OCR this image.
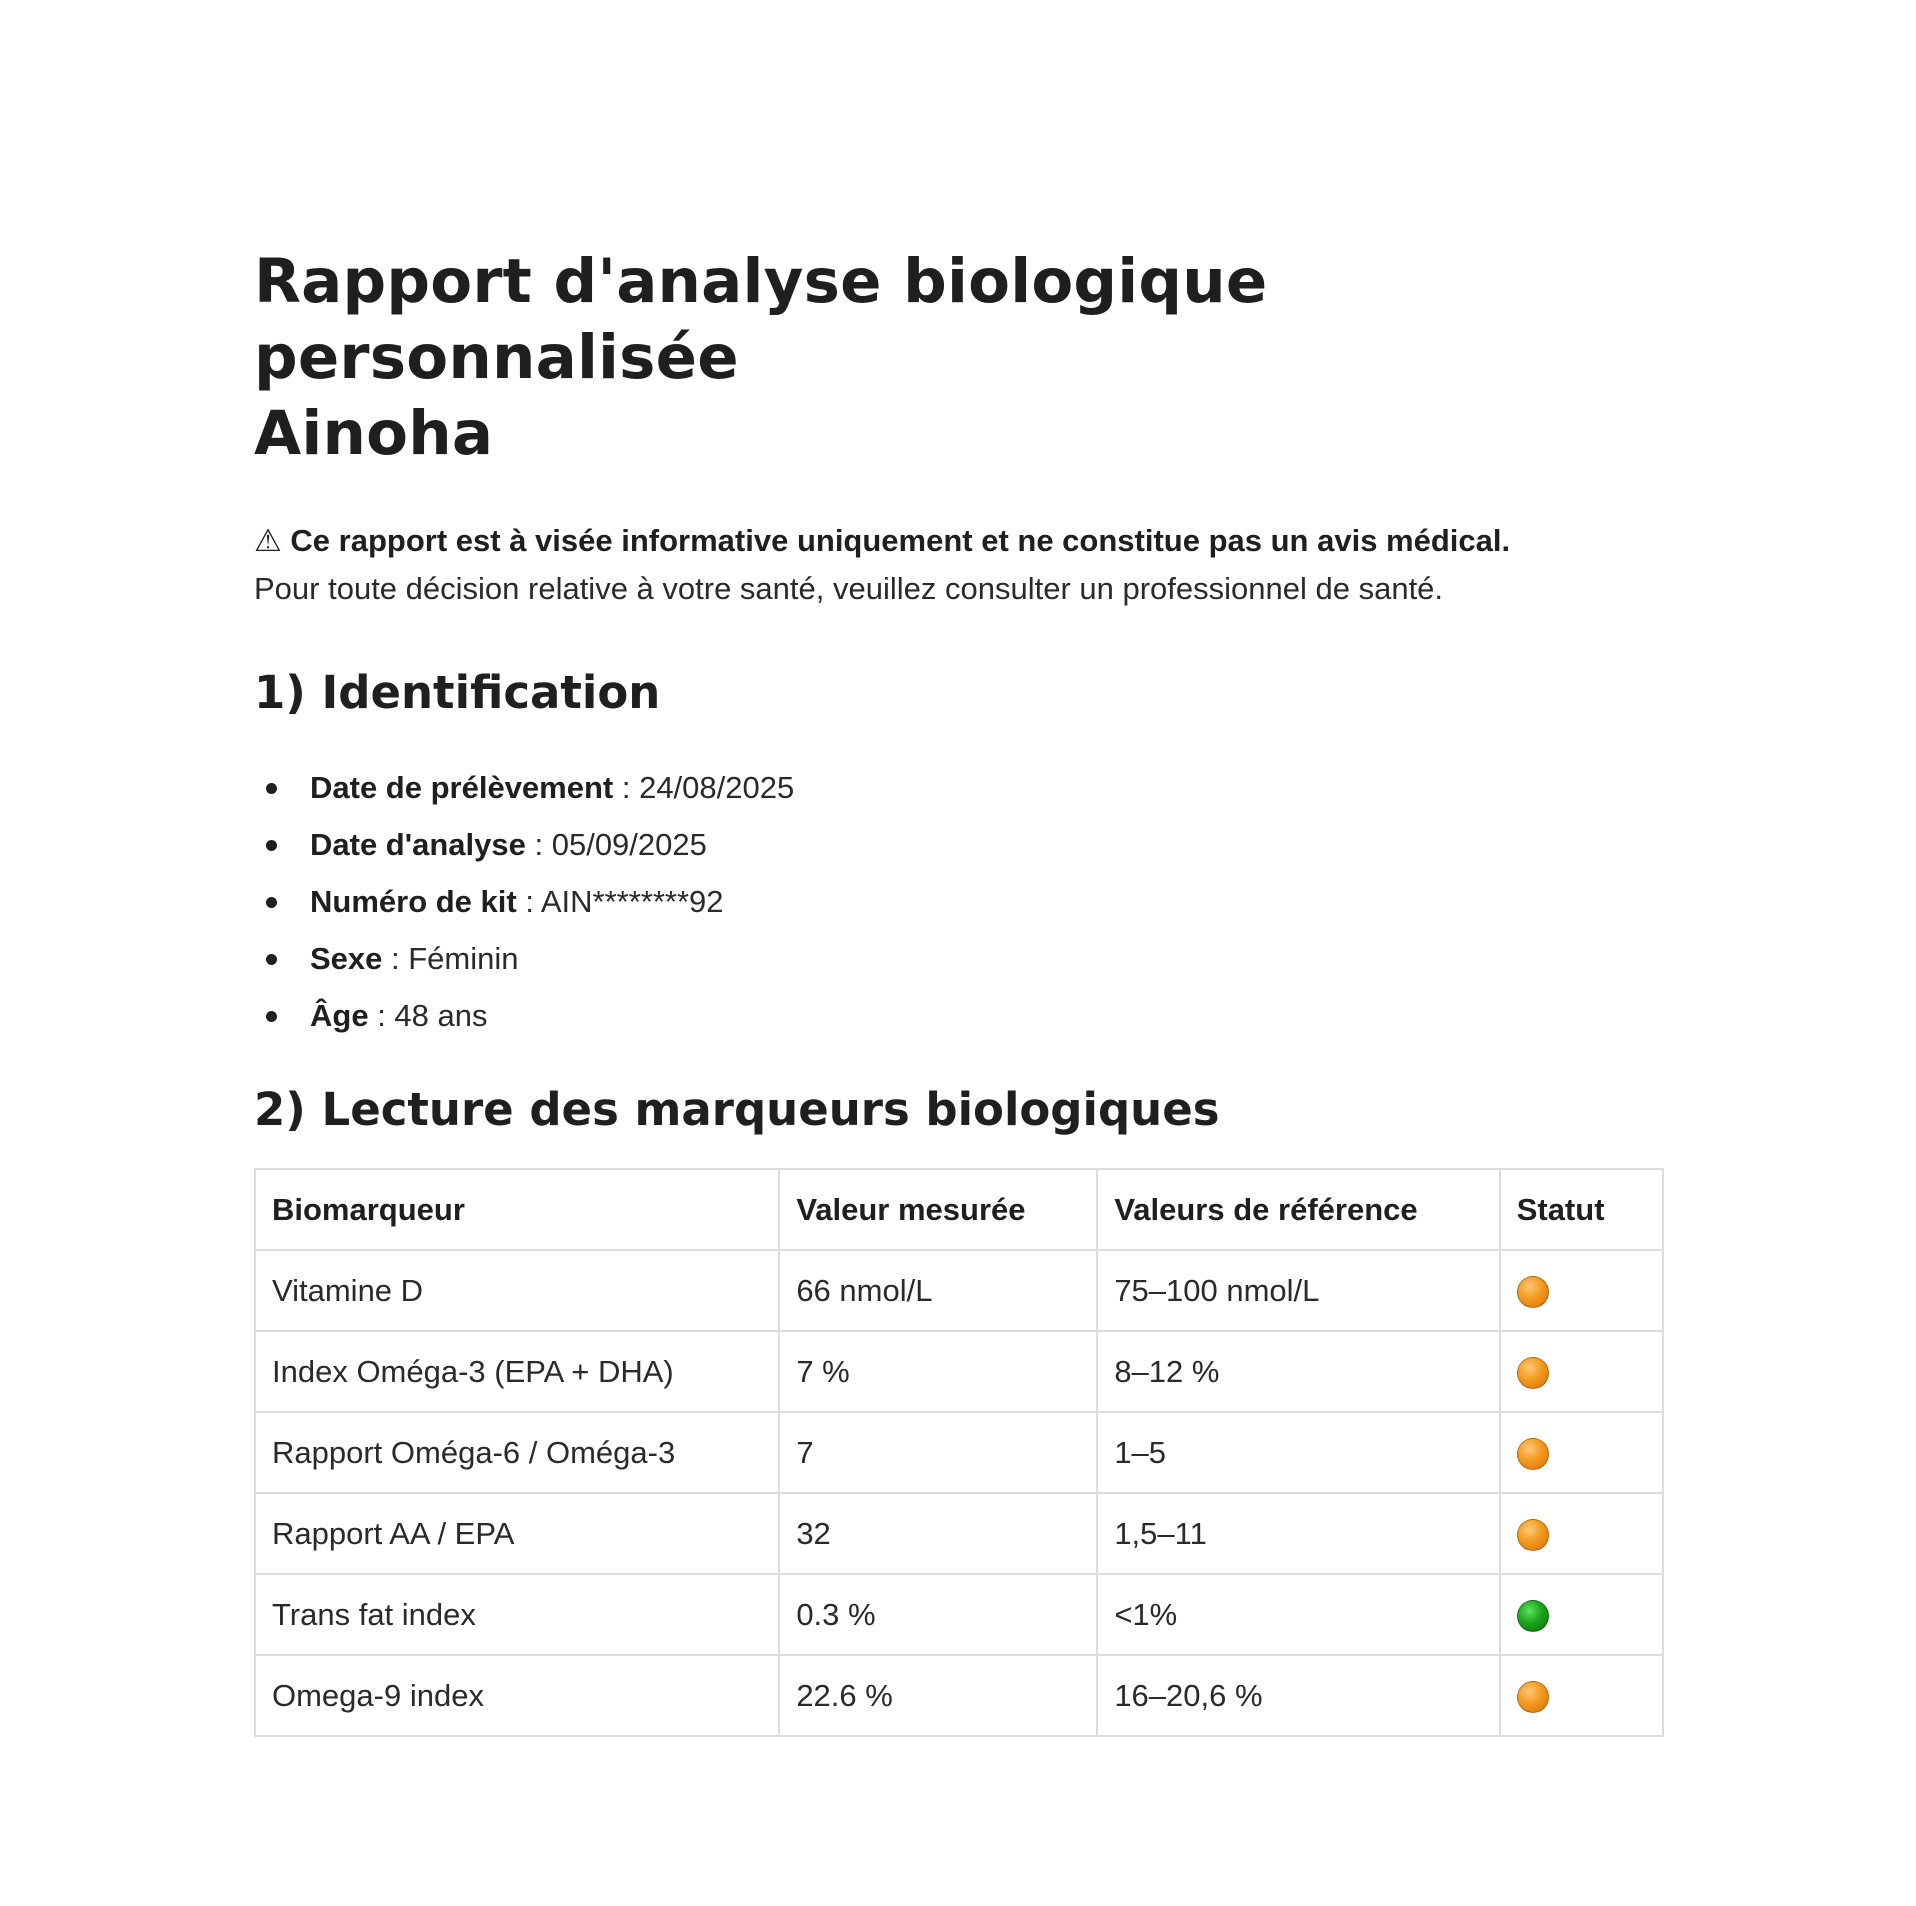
Rapport d'analyse biologique personnalisée
Ainoha
⚠ Ce rapport est à visée informative uniquement et ne constitue pas un avis médical.
Pour toute décision relative à votre santé, veuillez consulter un professionnel de santé.
1) Identification
Date de prélèvement : 24/08/2025
Date d'analyse : 05/09/2025
Numéro de kit : AIN********92
Sexe : Féminin
Âge : 48 ans
2) Lecture des marqueurs biologiques
Biomarqueur	Valeur mesurée	Valeurs de référence	Statut
Vitamine D	66 nmol/L	75–100 nmol/L	
Index Oméga-3 (EPA + DHA)	7 %	8–12 %	
Rapport Oméga-6 / Oméga-3	7	1–5	
Rapport AA / EPA	32	1,5–11	
Trans fat index	0.3 %	<1%	
Omega-9 index	22.6 %	16–20,6 %	
